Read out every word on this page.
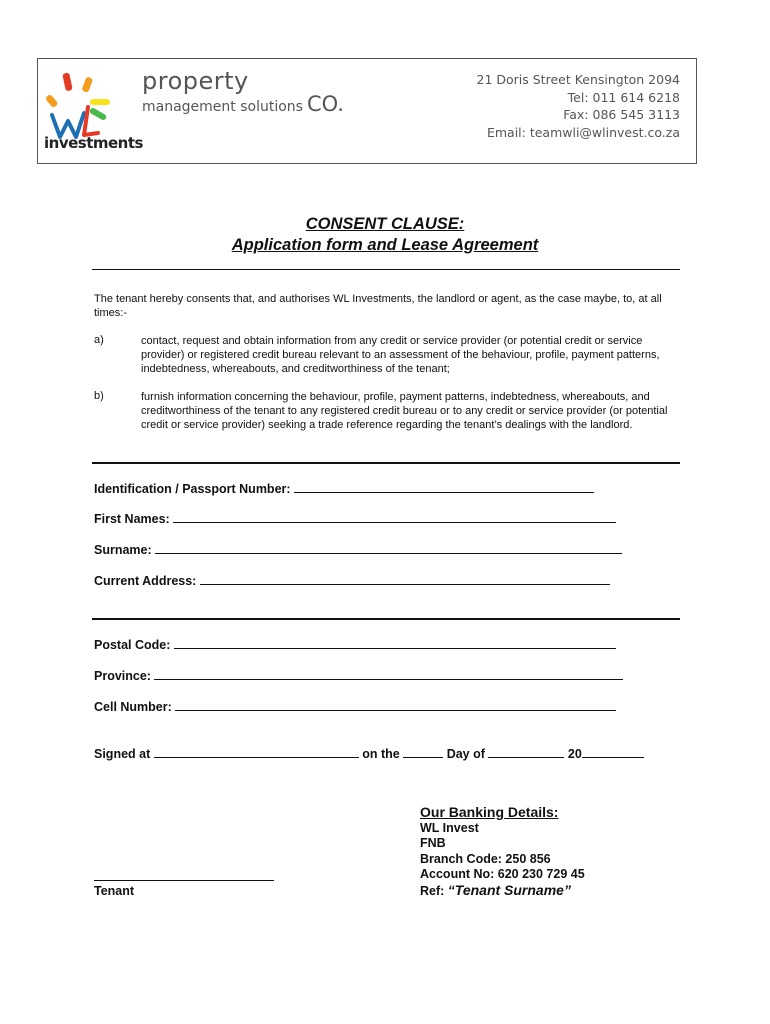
investments
property
management solutions CO.
21 Doris Street Kensington 2094
Tel: 011 614 6218
Fax: 086 545 3113
Email: teamwli@wlinvest.co.za
CONSENT CLAUSE:
Application form and Lease Agreement
The tenant hereby consents that, and authorises WL Investments, the landlord or agent, as the case maybe, to, at all times:-
a)	contact, request and obtain information from any credit or service provider (or potential credit or service provider) or registered credit bureau relevant to an assessment of the behaviour, profile, payment patterns, indebtedness, whereabouts, and creditworthiness of the tenant;
b)	furnish information concerning the behaviour, profile, payment patterns, indebtedness, whereabouts, and creditworthiness of the tenant to any registered credit bureau or to any credit or service provider (or potential credit or service provider) seeking a trade reference regarding the tenant’s dealings with the landlord.
Identification / Passport Number:
First Names:
Surname:
Current Address:
Postal Code:
Province:
Cell Number:
Signed at	on the	Day of	20
Tenant
Our Banking Details:
WL Invest
FNB
Branch Code: 250 856
Account No: 620 230 729 45
Ref: “Tenant Surname”
